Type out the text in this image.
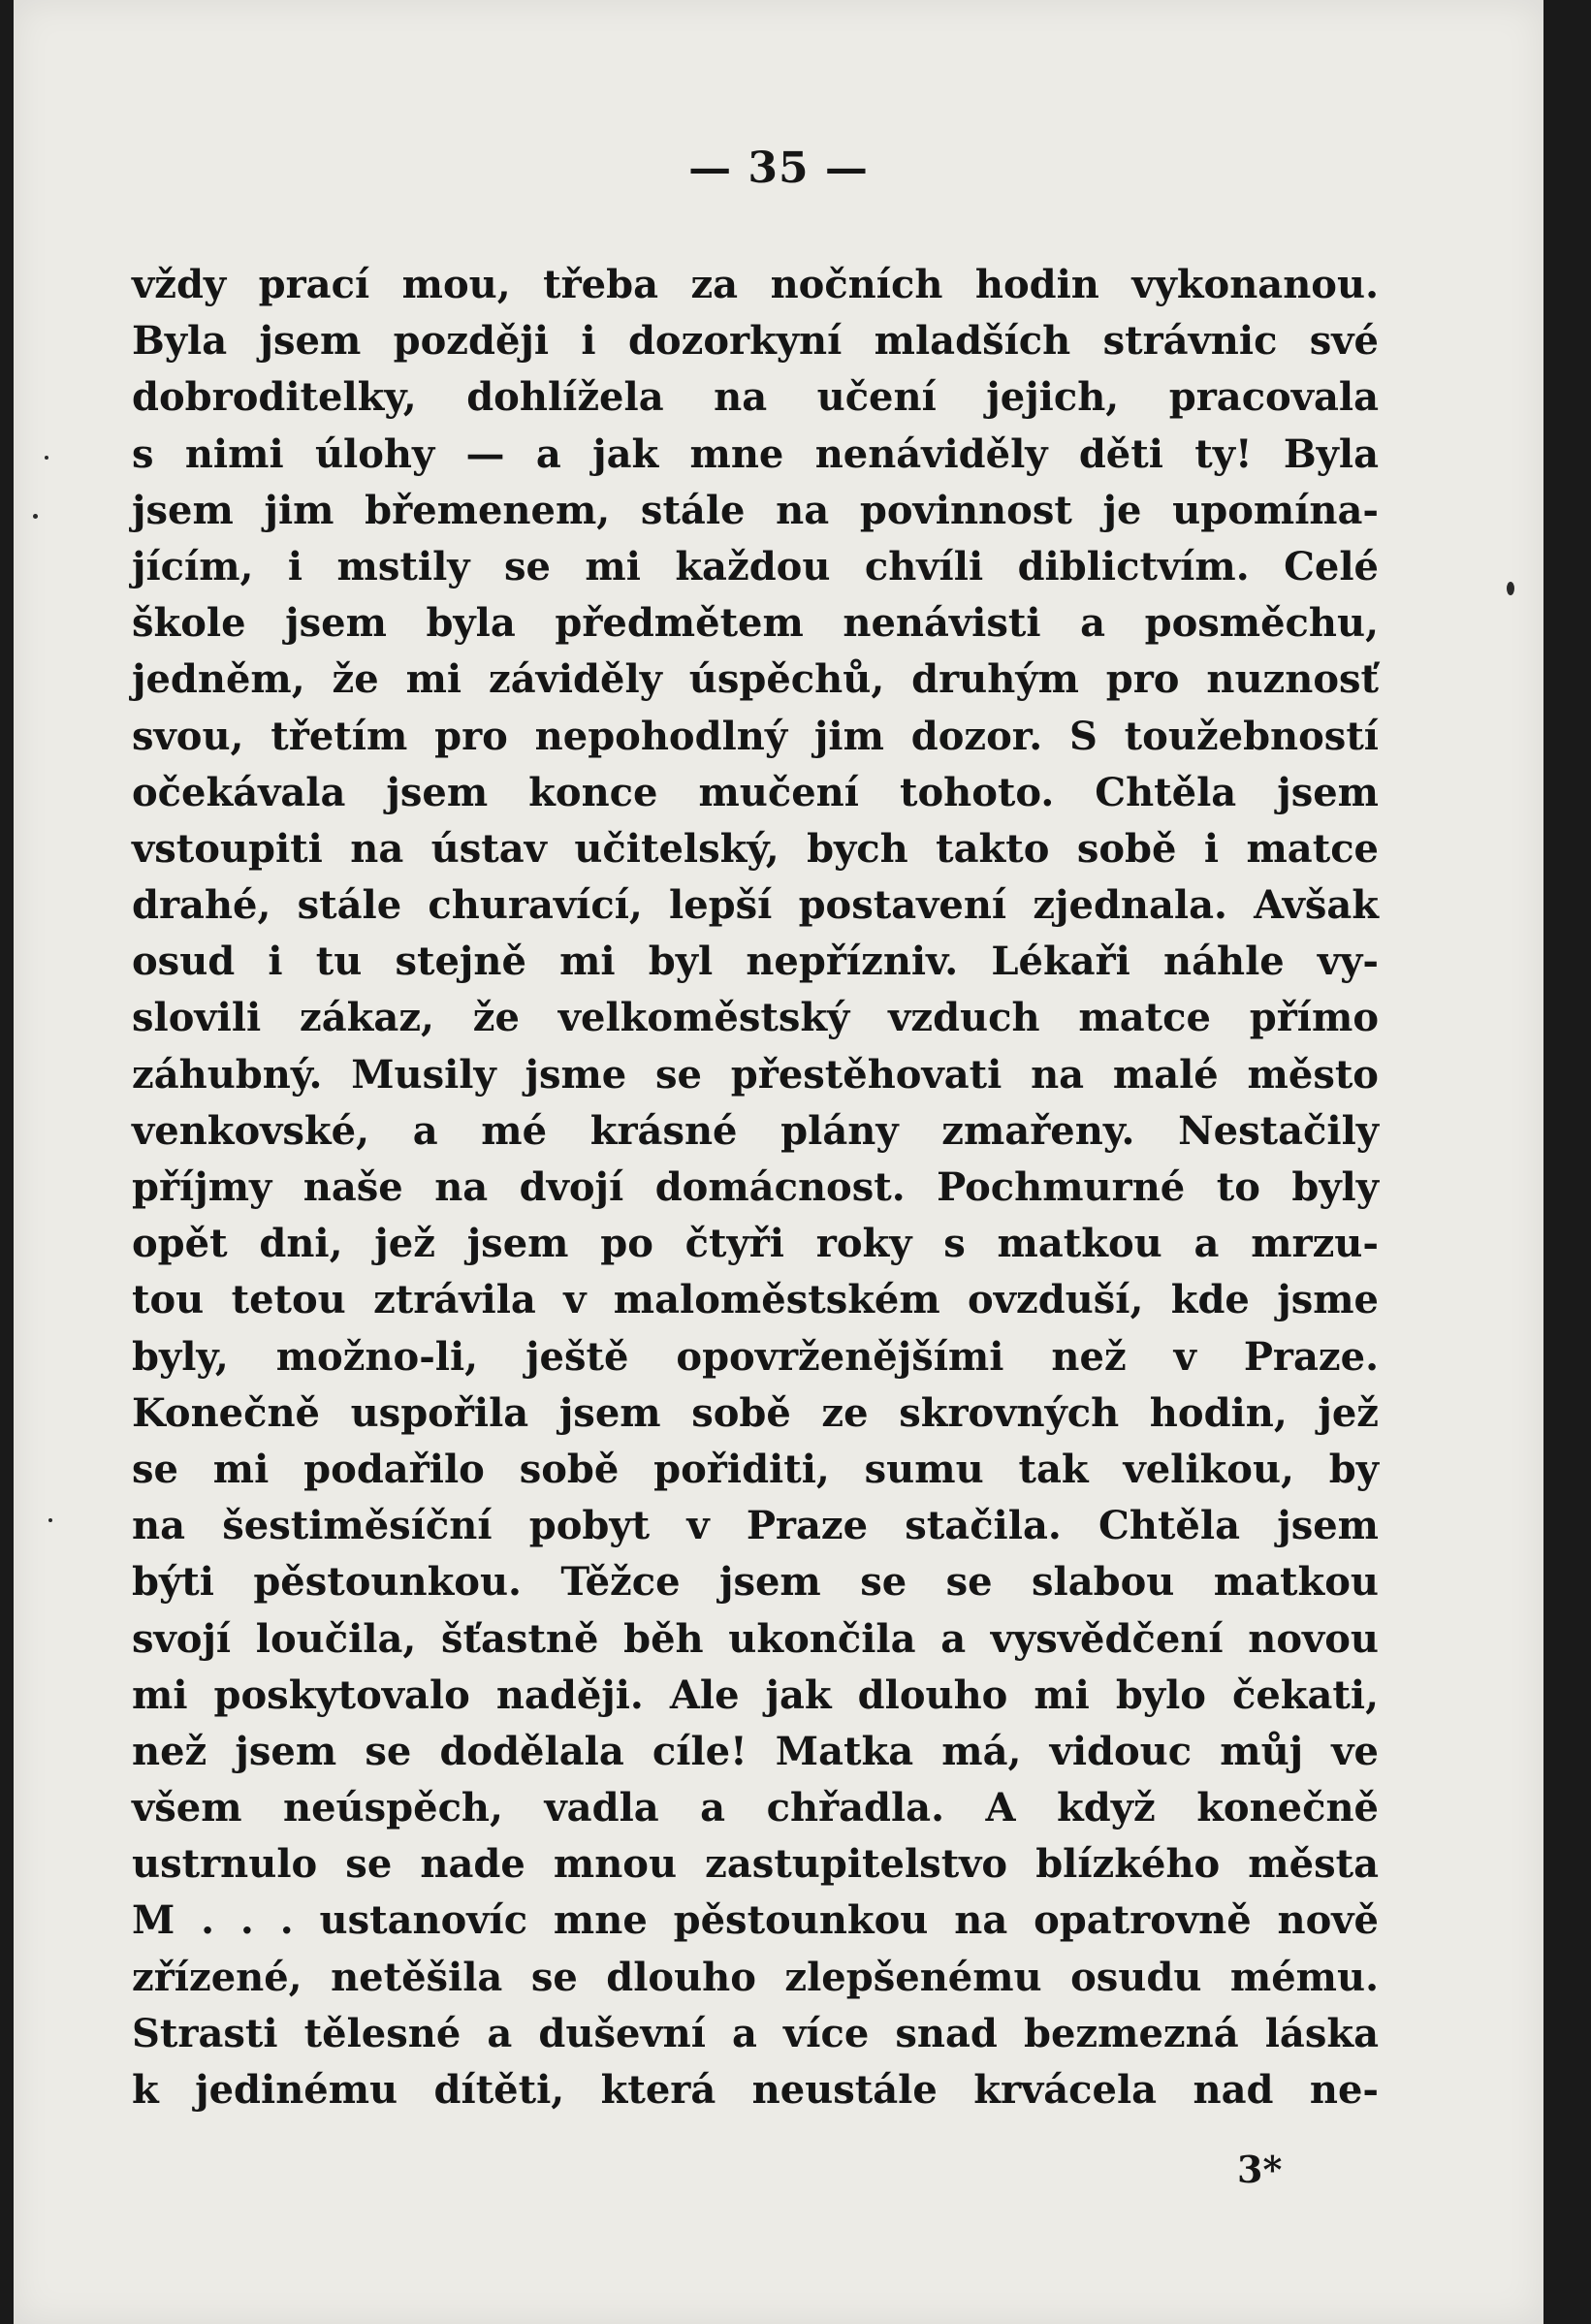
— 35 —
vždy prací mou, třeba za nočních hodin vykonanou.
Byla jsem později i dozorkyní mladších strávnic své
dobroditelky, dohlížela na učení jejich, pracovala
s nimi úlohy — a jak mne nenáviděly děti ty! Byla
jsem jim břemenem, stále na povinnost je upomína-
jícím, i mstily se mi každou chvíli diblictvím. Celé
škole jsem byla předmětem nenávisti a posměchu,
jedněm, že mi záviděly úspěchů, druhým pro nuznosť
svou, třetím pro nepohodlný jim dozor. S toužebností
očekávala jsem konce mučení tohoto. Chtěla jsem
vstoupiti na ústav učitelský, bych takto sobě i matce
drahé, stále churavící, lepší postavení zjednala. Avšak
osud i tu stejně mi byl nepřízniv. Lékaři náhle vy-
slovili zákaz, že velkoměstský vzduch matce přímo
záhubný. Musily jsme se přestěhovati na malé město
venkovské, a mé krásné plány zmařeny. Nestačily
příjmy naše na dvojí domácnost. Pochmurné to byly
opět dni, jež jsem po čtyři roky s matkou a mrzu-
tou tetou ztrávila v maloměstském ovzduší, kde jsme
byly, možno-li, ještě opovrženějšími než v Praze.
Konečně uspořila jsem sobě ze skrovných hodin, jež
se mi podařilo sobě pořiditi, sumu tak velikou, by
na šestiměsíční pobyt v Praze stačila. Chtěla jsem
býti pěstounkou. Těžce jsem se se slabou matkou
svojí loučila, šťastně běh ukončila a vysvědčení novou
mi poskytovalo naději. Ale jak dlouho mi bylo čekati,
než jsem se dodělala cíle! Matka má, vidouc můj ve
všem neúspěch, vadla a chřadla. A když konečně
ustrnulo se nade mnou zastupitelstvo blízkého města
M . . . ustanovíc mne pěstounkou na opatrovně nově
zřízené, netěšila se dlouho zlepšenému osudu mému.
Strasti tělesné a duševní a více snad bezmezná láska
k jedinému dítěti, která neustále krvácela nad ne-
3*
